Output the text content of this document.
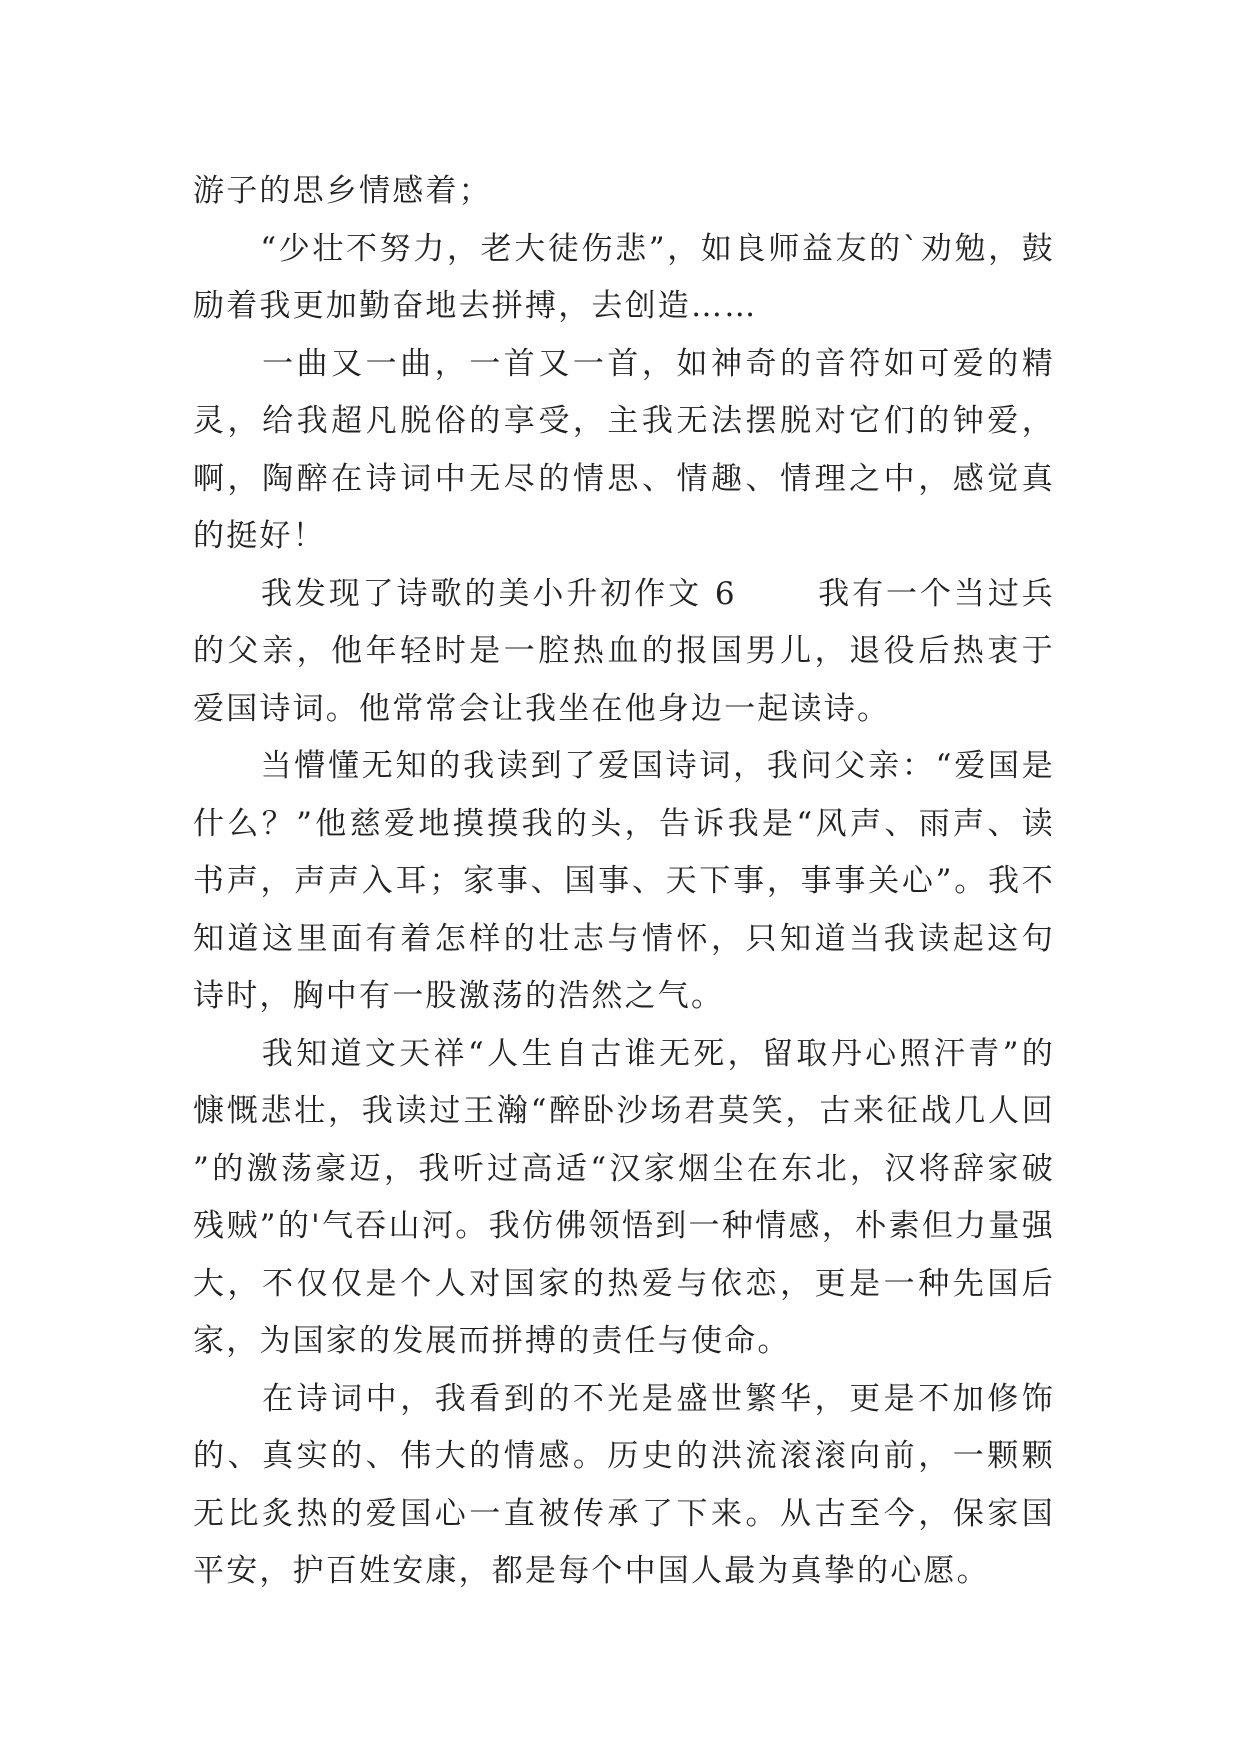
游子的思乡情感着；

　　“少壮不努力，老大徒伤悲”，如良师益友的`劝勉，鼓励着我更加勤奋地去拼搏，去创造……

　　一曲又一曲，一首又一首，如神奇的音符如可爱的精灵，给我超凡脱俗的享受，主我无法摆脱对它们的钟爱，啊，陶醉在诗词中无尽的情思、情趣、情理之中，感觉真的挺好！

　　我发现了诗歌的美小升初作文 6　　 我有一个当过兵的父亲，他年轻时是一腔热血的报国男儿，退役后热衷于爱国诗词。他常常会让我坐在他身边一起读诗。

　　当懵懂无知的我读到了爱国诗词，我问父亲：“爱国是什么？”他慈爱地摸摸我的头，告诉我是“风声、雨声、读书声，声声入耳；家事、国事、天下事，事事关心”。我不知道这里面有着怎样的壮志与情怀，只知道当我读起这句诗时，胸中有一股激荡的浩然之气。

　　我知道文天祥“人生自古谁无死，留取丹心照汗青”的慷慨悲壮，我读过王瀚“醉卧沙场君莫笑，古来征战几人回”的激荡豪迈，我听过高适“汉家烟尘在东北，汉将辞家破残贼”的'气吞山河。我仿佛领悟到一种情感，朴素但力量强大，不仅仅是个人对国家的热爱与依恋，更是一种先国后家，为国家的发展而拼搏的责任与使命。

　　在诗词中，我看到的不光是盛世繁华，更是不加修饰的、真实的、伟大的情感。历史的洪流滚滚向前，一颗颗无比炙热的爱国心一直被传承了下来。从古至今，保家国平安，护百姓安康，都是每个中国人最为真挚的心愿。
